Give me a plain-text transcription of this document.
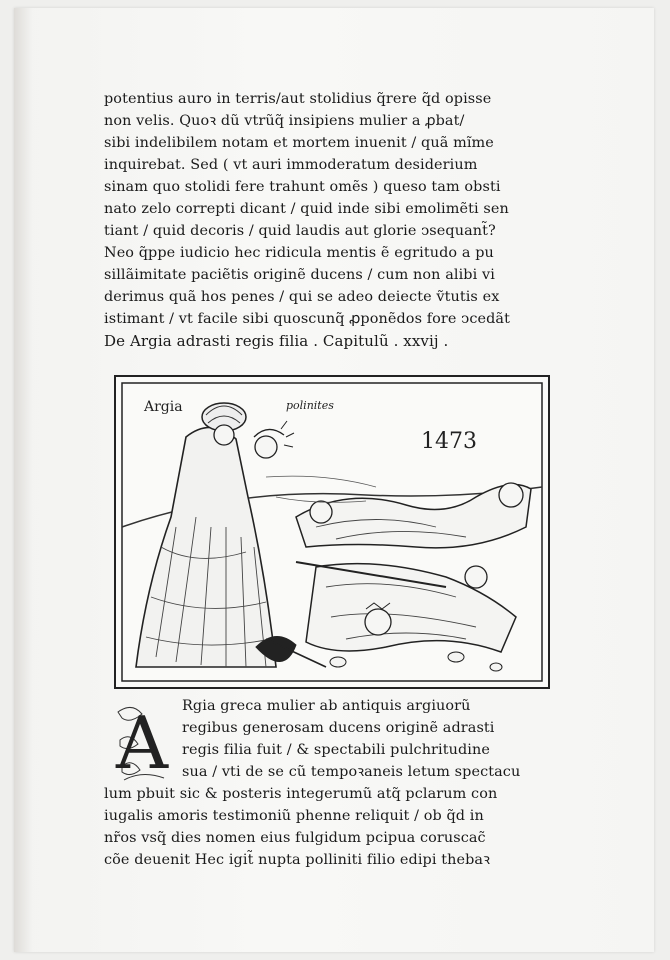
potentius auro in terris/aut stolidius q̃rere q̃d opisse
non velis. Quoꝛ dũ vtrũq̃ insipiens mulier a ꝓbat/
sibi indelibilem notam et mortem inuenit / quã mĩme
inquirebat. Sed ( vt auri immoderatum desiderium
sinam quo stolidi fere trahunt omẽs ) queso tam obsti
nato zelo correpti dicant / quid inde sibi emolimẽti sen
tiant / quid decoris / quid laudis aut glorie ↄsequant̃?
Neo q̃ppe iudicio hec ridicula mentis ẽ egritudo a pu
sillãimitate paciẽtis originẽ ducens / cum non alibi vi
derimus quã hos penes / qui se adeo deiecte ṽtutis ex
istimant / vt facile sibi quoscunq̃ ꝓponẽdos fore ↄcedãt
De Argia adrasti regis filia . Capitulũ . xxvij .
Argia	polinites
1473
A Rgia greca mulier ab antiquis argiuorũ
regibus generosam ducens originẽ adrasti
regis filia fuit / & spectabili pulchritudine
sua / vti de se cũ tempoꝛaneis letum spectacu
lum pbuit sic & posteris integerumũ atq̃ pclarum con
iugalis amoris testimoniũ phenne reliquit / ob q̃d in
nr̃os vsq̃ dies nomen eius fulgidum pcipua coruscac̃
cõe deuenit Hec igit̃ nupta polliniti filio edipi thebaꝛ
